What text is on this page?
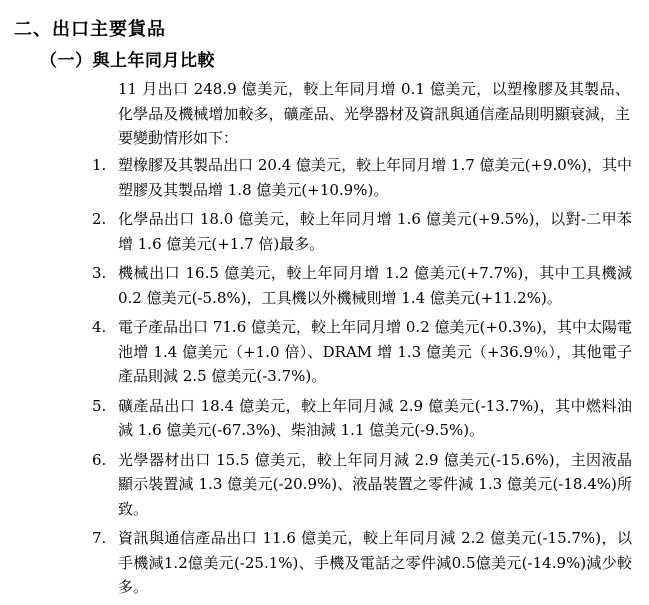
二、出口主要貨品
（一）與上年同月比較
11 月出口 248.9 億美元，較上年同月增 0.1 億美元，以塑橡膠及其製品、化學品及機械增加較多，礦產品、光學器材及資訊與通信產品則明顯衰減，主要變動情形如下：
1. 塑橡膠及其製品出口 20.4 億美元，較上年同月增 1.7 億美元(+9.0%)，其中塑膠及其製品增 1.8 億美元(+10.9%)。
2. 化學品出口 18.0 億美元，較上年同月增 1.6 億美元(+9.5%)，以對-二甲苯增 1.6 億美元(+1.7 倍)最多。
3. 機械出口 16.5 億美元，較上年同月增 1.2 億美元(+7.7%)，其中工具機減 0.2 億美元(-5.8%)，工具機以外機械則增 1.4 億美元(+11.2%)。
4. 電子產品出口 71.6 億美元，較上年同月增 0.2 億美元(+0.3%)，其中太陽電池增 1.4 億美元（+1.0 倍）、DRAM 增 1.3 億美元（+36.9％），其他電子產品則減 2.5 億美元(-3.7%)。
5. 礦產品出口 18.4 億美元，較上年同月減 2.9 億美元(-13.7%)，其中燃料油減 1.6 億美元(-67.3%)、柴油減 1.1 億美元(-9.5%)。
6. 光學器材出口 15.5 億美元，較上年同月減 2.9 億美元(-15.6%)，主因液晶顯示裝置減 1.3 億美元(-20.9%)、液晶裝置之零件減 1.3 億美元(-18.4%)所致。
7. 資訊與通信產品出口 11.6 億美元，較上年同月減 2.2 億美元(-15.7%)，以手機減1.2億美元(-25.1%)、手機及電話之零件減0.5億美元(-14.9%)減少較多。
